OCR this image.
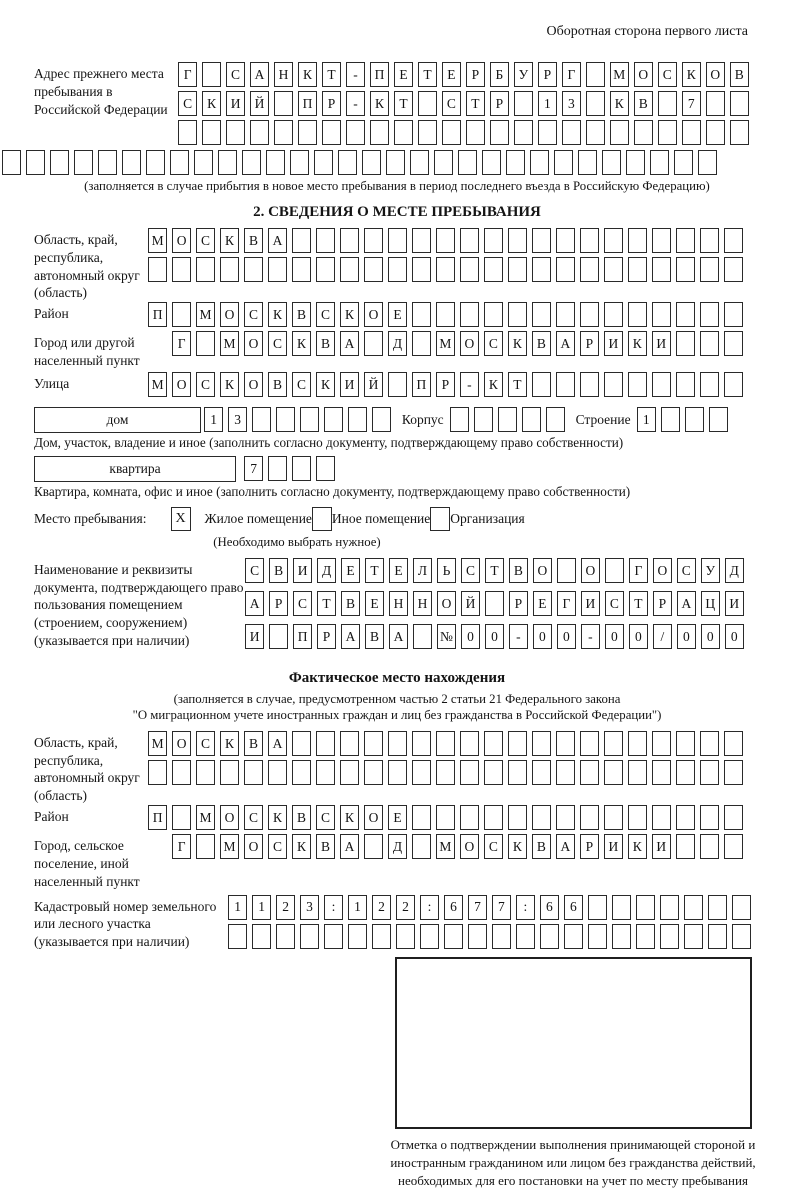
Оборотная сторона первого листа
Адрес прежнего места пребывания в Российской Федерации
Г	С	А	Н	К	Т	-	П	Е	Т	Е	Р	Б	У	Р	Г	М О	С	К	О	В
С	К	И	Й	П	Р	-	К	Т	С	Т	Р	1	3	К	В	7
(заполняется в случае прибытия в новое место пребывания в период последнего въезда в Российскую Федерацию)
2. СВЕДЕНИЯ О МЕСТЕ ПРЕБЫВАНИЯ
Область, край, республика, автономный округ (область)
М О	С	К	В	А
Район	П	М О	С	К	В	С	К	О	Е
Город или другой населенный пункт
Г	М О	С	К	В	А	Д	М О	С	К	В	А	Р	И	К	И
Улица	М О	С	К	О	В	С	К	И	Й	П	Р	-	К	Т
дом	1	3	Корпус	Строение 1
Дом, участок, владение и иное (заполнить согласно документу, подтверждающему право собственности)
квартира	7
Квартира, комната, офис и иное (заполнить согласно документу, подтверждающему право собственности)
Место пребывания:	X	Жилое помещение Иное помещение Организация
(Необходимо выбрать нужное)
Наименование и реквизиты документа, подтверждающего право пользования помещением (строением, сооружением) (указывается при наличии)
С	В	И	Д	Е	Т	Е	Л	Ь	С	Т	В	О	О	Г	О	С	У	Д
А	Р	С	Т	В	Е	Н	Н	О	Й	Р	Е	Г	И	С	Т	Р	А	Ц	И
И	П	Р	А	В	А	№	0	0	-	0	0	-	0	0	/	0	0	0
Фактическое место нахождения
(заполняется в случае, предусмотренном частью 2 статьи 21 Федерального закона
"О миграционном учете иностранных граждан и лиц без гражданства в Российской Федерации")
Область, край, республика, автономный округ (область)
М О	С	К	В	А
Район	П	М О	С	К	В	С	К	О	Е
Город, сельское поселение, иной населенный пункт
Г	М О	С	К	В	А	Д	М О	С	К	В	А	Р	И	К	И
Кадастровый номер земельного или лесного участка (указывается при наличии)
1	1	2	3	:	1	2	2	:	6	7	7	:	6	6
Отметка о подтверждении выполнения принимающей стороной и иностранным гражданином или лицом без гражданства действий, необходимых для его постановки на учет по месту пребывания
